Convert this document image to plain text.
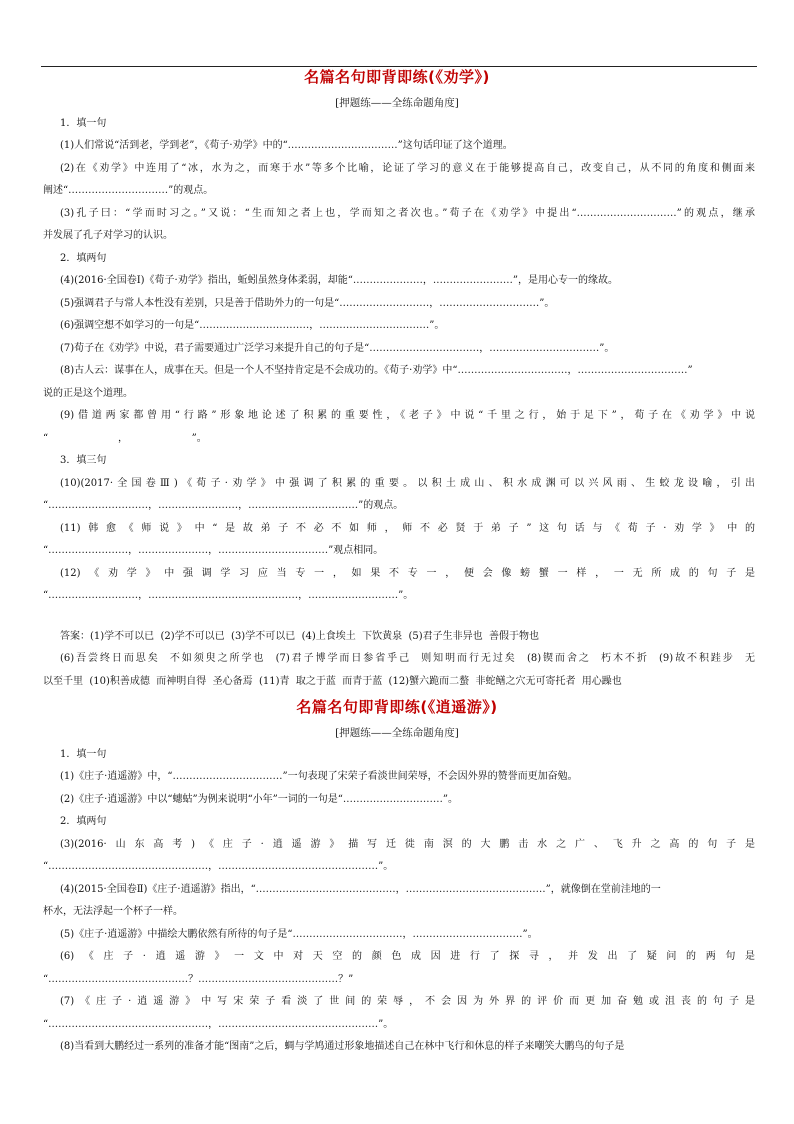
名篇名句即背即练(《劝学》)
[押题练——全练命题角度]
1．填一句
(1)人们常说“活到老，学到老”，《荀子·劝学》中的“……………………………”这句话印证了这个道理。
(2)在《劝学》中连用了“冰，水为之，而寒于水”等多个比喻，论证了学习的意义在于能够提高自己，改变自己，从不同的角度和侧面来
阐述“…………………………”的观点。
(3)孔子曰：“学而时习之。”又说：“生而知之者上也，学而知之者次也。”荀子在《劝学》中提出“…………………………”的观点，继承
并发展了孔子对学习的认识。
2．填两句
(4)(2016·全国卷Ⅰ)《荀子·劝学》指出，蚯蚓虽然身体柔弱，却能“…………………，……………………”，是用心专一的缘故。
(5)强调君子与常人本性没有差别，只是善于借助外力的一句是“………………………，…………………………”。
(6)强调空想不如学习的一句是“……………………………，……………………………”。
(7)荀子在《劝学》中说，君子需要通过广泛学习来提升自己的句子是“……………………………，……………………………”。
(8)古人云：谋事在人，成事在天。但是一个人不坚持肯定是不会成功的。《荀子·劝学》中“……………………………，……………………………”
说的正是这个道理。
(9)借道两家都曾用“行路”形象地论述了积累的重要性，《老子》中说“千里之行，始于足下”，荀子在《劝学》中说
“                      ，                    ”。
3．填三句
(10)(2017·全国卷Ⅲ)《荀子·劝学》中强调了积累的重要。以积土成山、积水成渊可以兴风雨、生蛟龙设喻，引出
“…………………………，……………………，……………………………”的观点。
(11)韩愈《师说》中“是故弟子不必不如师，师不必贤于弟子”这句话与《荀子·劝学》中的
“……………………，…………………，……………………………”观点相同。
(12)《劝学》中强调学习应当专一，如果不专一，便会像螃蟹一样，一无所成的句子是
“………………………，………………………………………，………………………”。
答案：(1)学不可以已  (2)学不可以已  (3)学不可以已  (4)上食埃土  下饮黄泉  (5)君子生非异也  善假于物也
(6)吾尝终日而思矣  不如须臾之所学也  (7)君子博学而日参省乎己  则知明而行无过矣  (8)锲而舍之  朽木不折  (9)故不积跬步  无
以至千里  (10)积善成德  而神明自得  圣心备焉  (11)青  取之于蓝  而青于蓝  (12)蟹六跪而二螯  非蛇鳝之穴无可寄托者  用心躁也
名篇名句即背即练(《逍遥游》)
[押题练——全练命题角度]
1．填一句
(1)《庄子·逍遥游》中，“……………………………”一句表现了宋荣子看淡世间荣辱，不会因外界的赞誉而更加奋勉。
(2)《庄子·逍遥游》中以“蟪蛄”为例来说明“小年”一词的一句是“…………………………”。
2．填两句
(3)(2016·山东高考)《庄子·逍遥游》描写迁徙南溟的大鹏击水之广、飞升之高的句子是
“…………………………………………，…………………………………………”。
(4)(2015·全国卷Ⅱ)《庄子·逍遥游》指出，“……………………………………，……………………………………”，就像倒在堂前洼地的一
杯水，无法浮起一个杯子一样。
(5)《庄子·逍遥游》中描绘大鹏依然有所待的句子是“……………………………，……………………………”。
(6)《庄子·逍遥游》一文中对天空的颜色成因进行了探寻，并发出了疑问的两句是
“……………………………………？……………………………………？”
(7)《庄子·逍遥游》中写宋荣子看淡了世间的荣辱，不会因为外界的评价而更加奋勉或沮丧的句子是
“…………………………………………，…………………………………………”。
(8)当看到大鹏经过一系列的准备才能“图南”之后，蜩与学鸠通过形象地描述自己在林中飞行和休息的样子来嘲笑大鹏鸟的句子是
